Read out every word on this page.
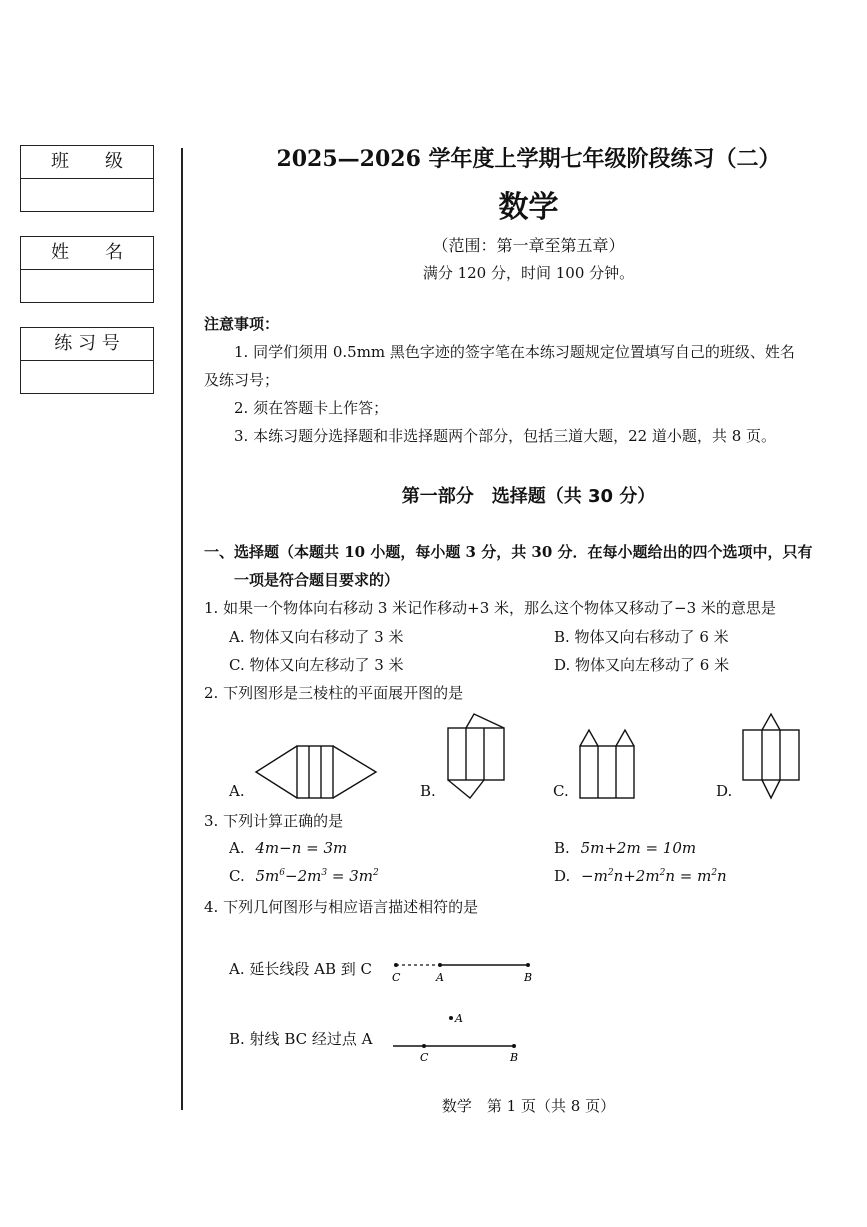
班　　级
姓　　名
练 习 号
2025—2026 学年度上学期七年级阶段练习（二）
数学
（范围：第一章至第五章）
满分 120 分，时间 100 分钟。
注意事项：
1. 同学们须用 0.5mm 黑色字迹的签字笔在本练习题规定位置填写自己的班级、姓名
及练习号；
2. 须在答题卡上作答；
3. 本练习题分选择题和非选择题两个部分，包括三道大题，22 道小题，共 8 页。
第一部分　选择题（共 30 分）
一、选择题（本题共 10 小题，每小题 3 分，共 30 分．在每小题给出的四个选项中，只有
一项是符合题目要求的）
1. 如果一个物体向右移动 3 米记作移动+3 米，那么这个物体又移动了−3 米的意思是
A. 物体又向右移动了 3 米	B. 物体又向右移动了 6 米
C. 物体又向左移动了 3 米	D. 物体又向左移动了 6 米
2. 下列图形是三棱柱的平面展开图的是
A.	B.	C.	D.
3. 下列计算正确的是
A. 4m−n = 3m	B. 5m+2m = 10m
C. $5m^6-2m^3 = 3m^2$	D. $-m^2n+2m^2n = m^2n$
4. 下列几何图形与相应语言描述相符的是
A. 延长线段 AB 到 C
B. 射线 BC 经过点 A
C	A	B
A
C	B
数学　第 1 页（共 8 页）
